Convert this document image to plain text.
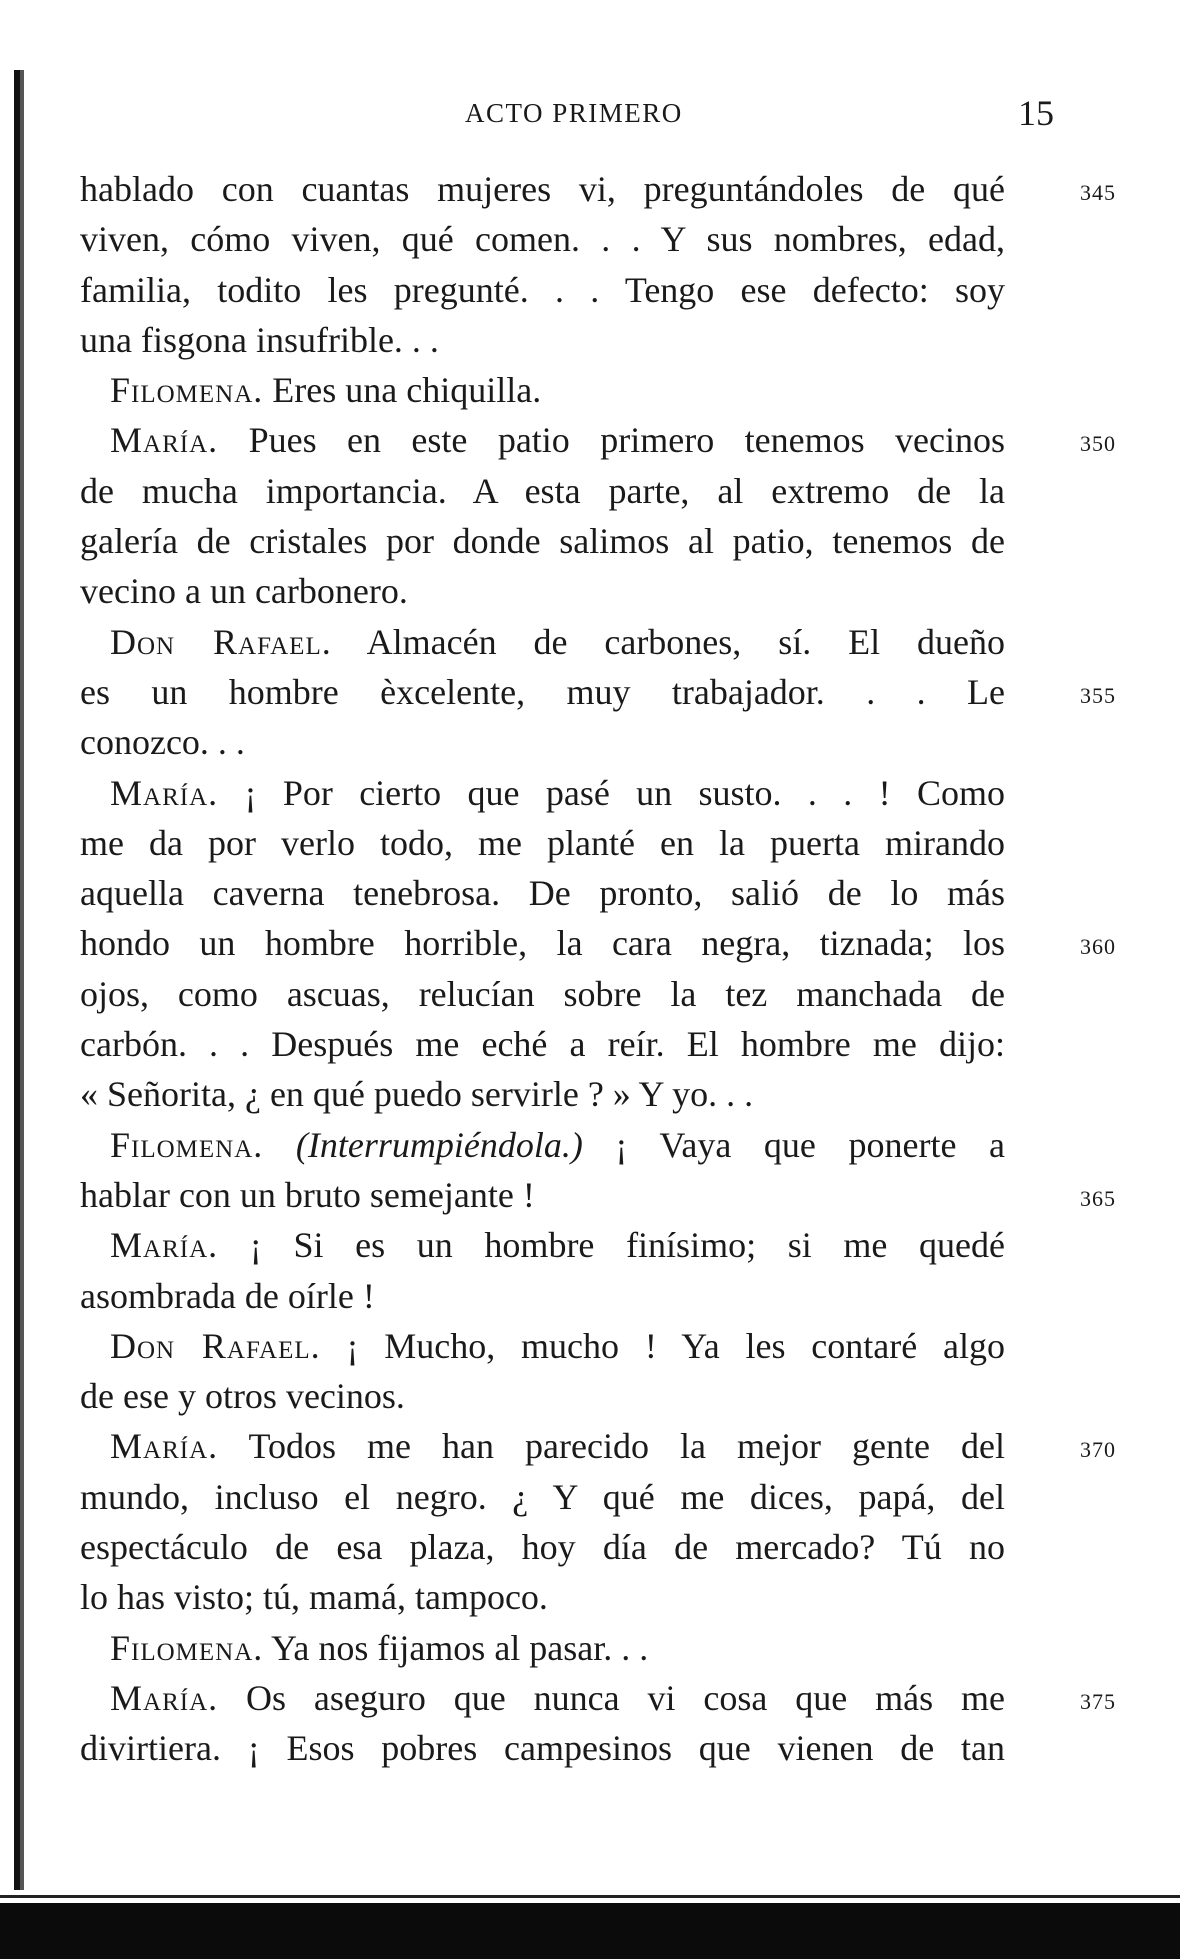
ACTO PRIMERO	15
hablado con cuantas mujeres vi, preguntándoles de qué	345
viven, cómo viven, qué comen. . . Y sus nombres, edad,
familia, todito les pregunté. . . Tengo ese defecto: soy
una fisgona insufrible. . .
Filomena. Eres una chiquilla.
María. Pues en este patio primero tenemos vecinos	350
de mucha importancia. A esta parte, al extremo de la
galería de cristales por donde salimos al patio, tenemos de
vecino a un carbonero.
Don Rafael. Almacén de carbones, sí. El dueño
es un hombre èxcelente, muy trabajador. . . Le	355
conozco. . .
María. ¡ Por cierto que pasé un susto. . . ! Como
me da por verlo todo, me planté en la puerta mirando
aquella caverna tenebrosa. De pronto, salió de lo más
hondo un hombre horrible, la cara negra, tiznada; los	360
ojos, como ascuas, relucían sobre la tez manchada de
carbón. . . Después me eché a reír. El hombre me dijo:
« Señorita, ¿ en qué puedo servirle ? » Y yo. . .
Filomena. (Interrumpiéndola.) ¡ Vaya que ponerte a
hablar con un bruto semejante !	365
María. ¡ Si es un hombre finísimo; si me quedé
asombrada de oírle !
Don Rafael. ¡ Mucho, mucho ! Ya les contaré algo
de ese y otros vecinos.
María. Todos me han parecido la mejor gente del	370
mundo, incluso el negro. ¿ Y qué me dices, papá, del
espectáculo de esa plaza, hoy día de mercado? Tú no
lo has visto; tú, mamá, tampoco.
Filomena. Ya nos fijamos al pasar. . .
María. Os aseguro que nunca vi cosa que más me	375
divirtiera. ¡ Esos pobres campesinos que vienen de tan
